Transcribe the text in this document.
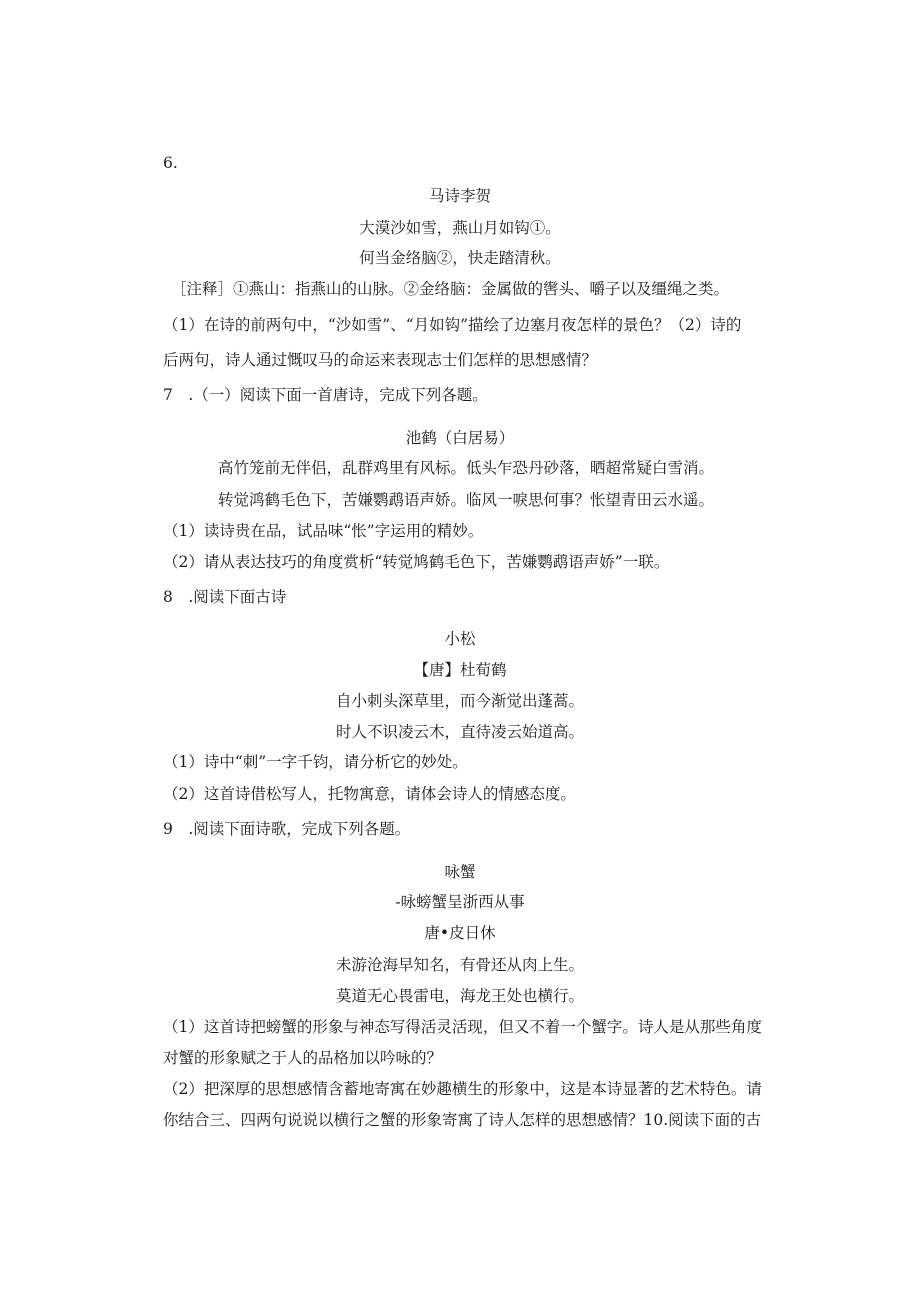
6.
马诗李贺
大漠沙如雪，燕山月如钩①。
何当金络脑②，快走踏清秋。
［注释］①燕山：指燕山的山脉。②金络脑：金属做的辔头、嚼子以及缰绳之类。
（1）在诗的前两句中，“沙如雪”、“月如钩”描绘了边塞月夜怎样的景色？（2）诗的
后两句，诗人通过慨叹马的命运来表现志士们怎样的思想感情？
7　.（一）阅读下面一首唐诗，完成下列各题。
池鹤（白居易）
高竹笼前无伴侣，乱群鸡里有风标。低头乍恐丹砂落，晒超常疑白雪消。
转觉鸿鹤毛色下，苦嫌鹦鹉语声娇。临风一唳思何事？怅望青田云水遥。
（1）读诗贵在品，试品味“怅”字运用的精妙。
（2）请从表达技巧的角度赏析“转觉鸠鹤毛色下，苦嫌鹦鹉语声娇”一联。
8　.阅读下面古诗
小松
【唐】杜荀鹤
自小刺头深草里，而今渐觉出蓬蒿。
时人不识凌云木，直待凌云始道高。
（1）诗中“刺”一字千钧，请分析它的妙处。
（2）这首诗借松写人，托物寓意，请体会诗人的情感态度。
9　.阅读下面诗歌，完成下列各题。
咏蟹
-咏螃蟹呈浙西从事
唐•皮日休
未游沧海早知名，有骨还从肉上生。
莫道无心畏雷电，海龙王处也横行。
（1）这首诗把螃蟹的形象与神态写得活灵活现，但又不着一个蟹字。诗人是从那些角度
对蟹的形象赋之于人的品格加以吟咏的？
（2）把深厚的思想感情含蓄地寄寓在妙趣横生的形象中，这是本诗显著的艺术特色。请
你结合三、四两句说说以横行之蟹的形象寄寓了诗人怎样的思想感情？10.阅读下面的古
